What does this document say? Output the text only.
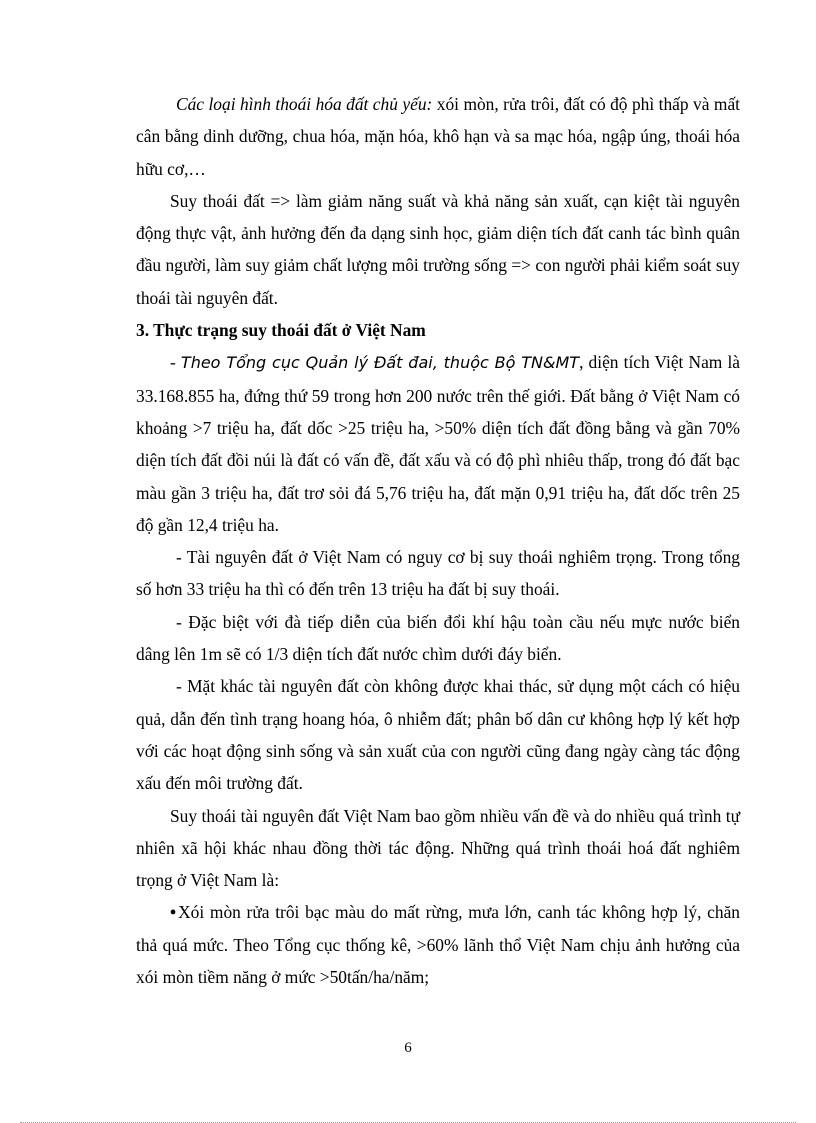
Các loại hình thoái hóa đất chủ yếu: xói mòn, rửa trôi, đất có độ phì thấp và mất cân bằng dinh dưỡng, chua hóa, mặn hóa, khô hạn và sa mạc hóa, ngập úng, thoái hóa hữu cơ,…

Suy thoái đất => làm giảm năng suất và khả năng sản xuất, cạn kiệt tài nguyên động thực vật, ảnh hưởng đến đa dạng sinh học, giảm diện tích đất canh tác bình quân đầu người, làm suy giảm chất lượng môi trường sống => con người phải kiểm soát suy thoái tài nguyên đất.

3. Thực trạng suy thoái đất ở Việt Nam

- Theo Tổng cục Quản lý Đất đai, thuộc Bộ TN&MT, diện tích Việt Nam là 33.168.855 ha, đứng thứ 59 trong hơn 200 nước trên thế giới. Đất bằng ở Việt Nam có khoảng >7 triệu ha, đất dốc >25 triệu ha, >50% diện tích đất đồng bằng và gần 70% diện tích đất đồi núi là đất có vấn đề, đất xấu và có độ phì nhiêu thấp, trong đó đất bạc màu gần 3 triệu ha, đất trơ sỏi đá 5,76 triệu ha, đất mặn 0,91 triệu ha, đất dốc trên 25 độ gần 12,4 triệu ha.

- Tài nguyên đất ở Việt Nam có nguy cơ bị suy thoái nghiêm trọng. Trong tổng số hơn 33 triệu ha thì có đến trên 13 triệu ha đất bị suy thoái.

- Đặc biệt với đà tiếp diễn của biến đổi khí hậu toàn cầu nếu mực nước biển dâng lên 1m sẽ có 1/3 diện tích đất nước chìm dưới đáy biển.

- Mặt khác tài nguyên đất còn không được khai thác, sử dụng một cách có hiệu quả, dẫn đến tình trạng hoang hóa, ô nhiễm đất; phân bố dân cư không hợp lý kết hợp với các hoạt động sinh sống và sản xuất của con người cũng đang ngày càng tác động xấu đến môi trường đất.

Suy thoái tài nguyên đất Việt Nam bao gồm nhiều vấn đề và do nhiều quá trình tự nhiên xã hội khác nhau đồng thời tác động. Những quá trình thoái hoá đất nghiêm trọng ở Việt Nam là:

• Xói mòn rửa trôi bạc màu do mất rừng, mưa lớn, canh tác không hợp lý, chăn thả quá mức. Theo Tổng cục thống kê, >60% lãnh thổ Việt Nam chịu ảnh hưởng của xói mòn tiềm năng ở mức >50tấn/ha/năm;

6
